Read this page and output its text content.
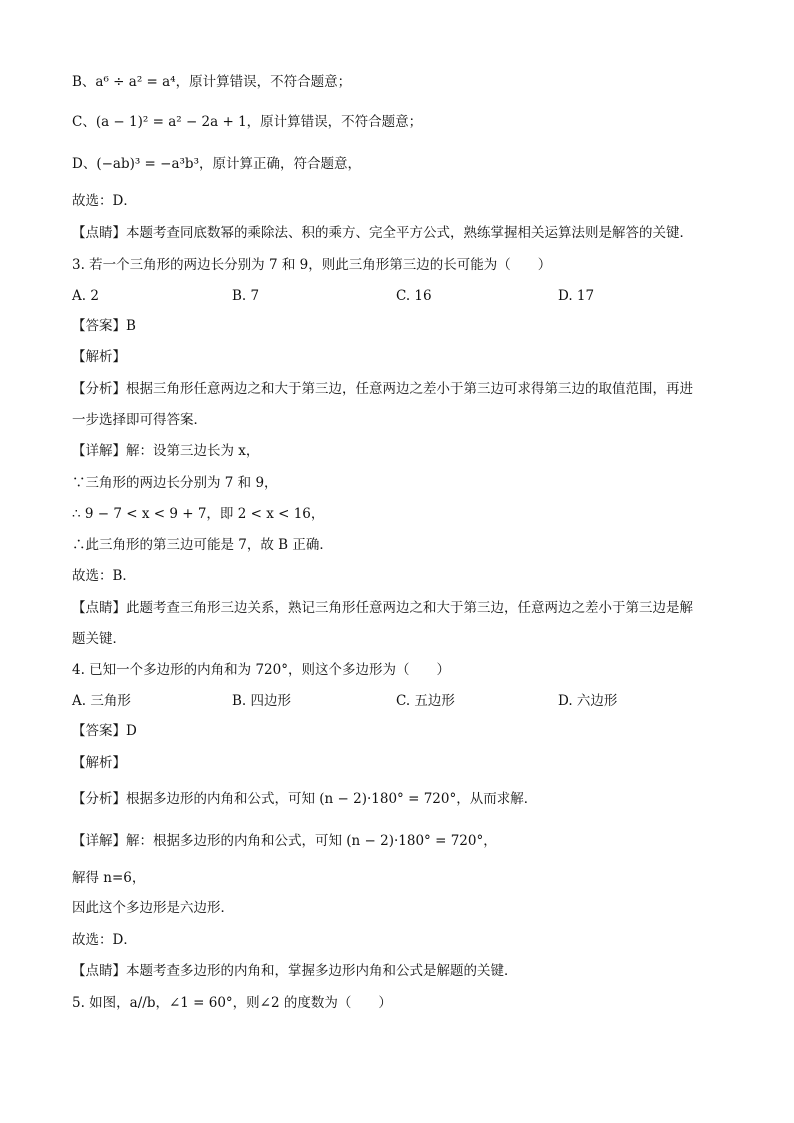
B、a⁶ ÷ a² = a⁴，原计算错误，不符合题意；
C、(a − 1)² = a² − 2a + 1，原计算错误，不符合题意；
D、(−ab)³ = −a³b³，原计算正确，符合题意，
故选：D．
【点睛】本题考查同底数幂的乘除法、积的乘方、完全平方公式，熟练掌握相关运算法则是解答的关键．
3. 若一个三角形的两边长分别为 7 和 9，则此三角形第三边的长可能为（　　）
A. 2	B. 7	C. 16	D. 17
【答案】B
【解析】
【分析】根据三角形任意两边之和大于第三边，任意两边之差小于第三边可求得第三边的取值范围，再进
一步选择即可得答案．
【详解】解：设第三边长为 x，
∵三角形的两边长分别为 7 和 9，
∴ 9 − 7 < x < 9 + 7，即 2 < x < 16，
∴此三角形的第三边可能是 7，故 B 正确．
故选：B．
【点睛】此题考查三角形三边关系，熟记三角形任意两边之和大于第三边，任意两边之差小于第三边是解
题关键．
4. 已知一个多边形的内角和为 720°，则这个多边形为（　　）
A. 三角形	B. 四边形	C. 五边形	D. 六边形
【答案】D
【解析】
【分析】根据多边形的内角和公式，可知 (n − 2)·180° = 720°，从而求解．
【详解】解：根据多边形的内角和公式，可知 (n − 2)·180° = 720°，
解得 n=6，
因此这个多边形是六边形．
故选：D．
【点睛】本题考查多边形的内角和，掌握多边形内角和公式是解题的关键．
5. 如图，a//b，∠1 = 60°，则∠2 的度数为（　　）
